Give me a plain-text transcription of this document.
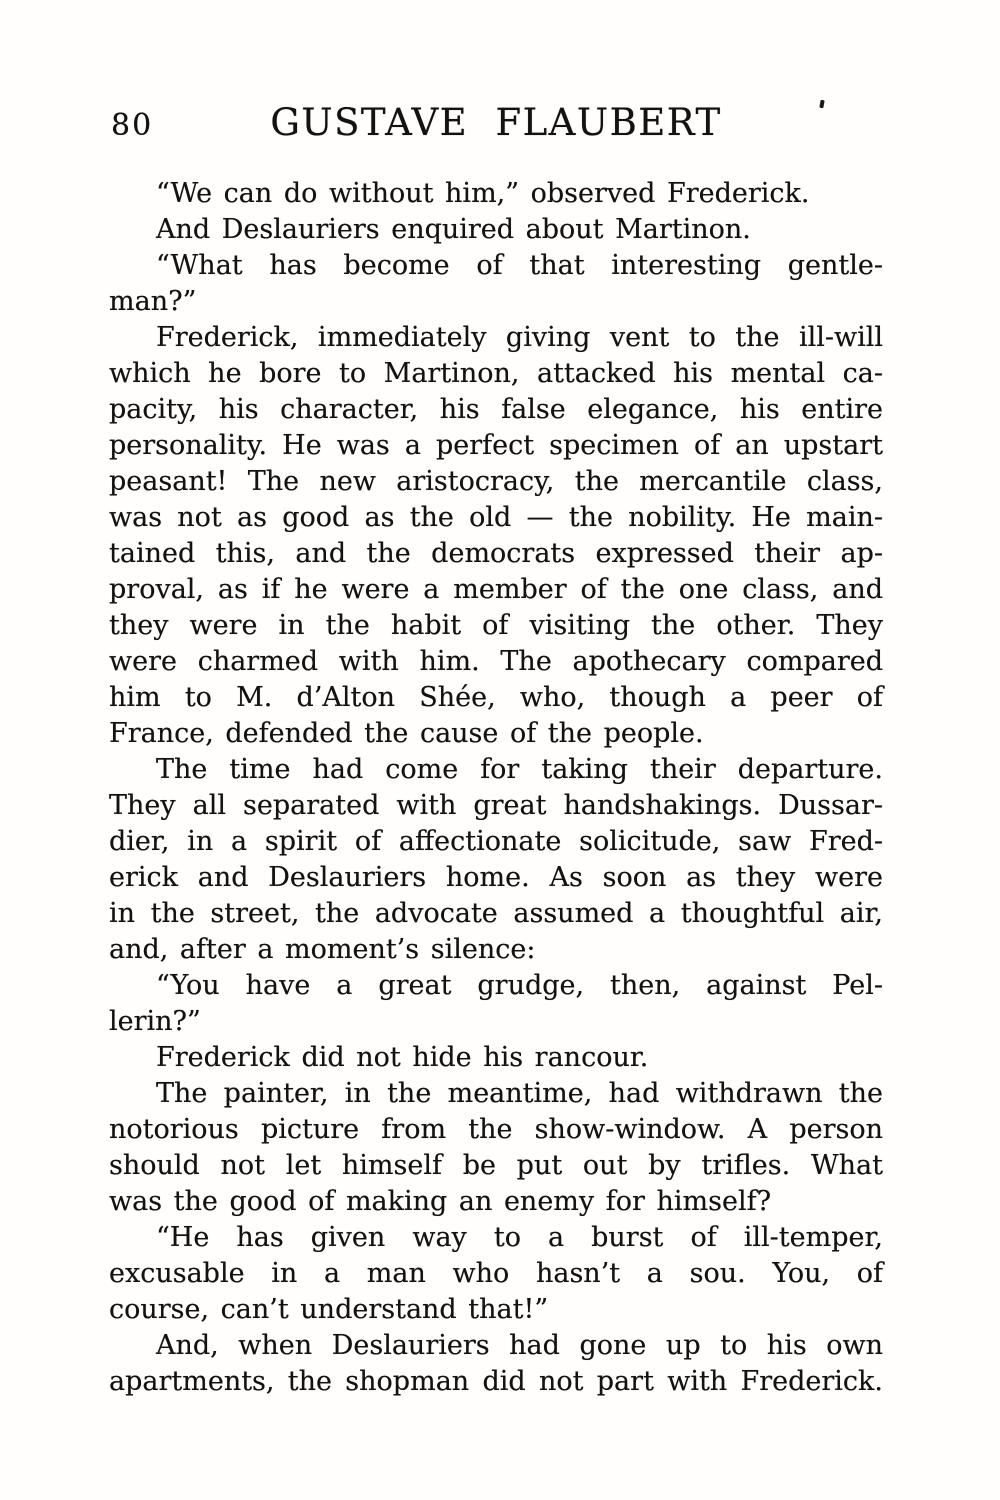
80	GUSTAVE FLAUBERT

“We can do without him,” observed Frederick.

And Deslauriers enquired about Martinon.

“What has become of that interesting gentle-
man?”

Frederick, immediately giving vent to the ill-will
which he bore to Martinon, attacked his mental ca-
pacity, his character, his false elegance, his entire
personality. He was a perfect specimen of an upstart
peasant! The new aristocracy, the mercantile class,
was not as good as the old — the nobility. He main-
tained this, and the democrats expressed their ap-
proval, as if he were a member of the one class, and
they were in the habit of visiting the other. They
were charmed with him. The apothecary compared
him to M. d’Alton Shée, who, though a peer of
France, defended the cause of the people.

The time had come for taking their departure.
They all separated with great handshakings. Dussar-
dier, in a spirit of affectionate solicitude, saw Fred-
erick and Deslauriers home. As soon as they were
in the street, the advocate assumed a thoughtful air,
and, after a moment’s silence:

“You have a great grudge, then, against Pel-
lerin?”

Frederick did not hide his rancour.

The painter, in the meantime, had withdrawn the
notorious picture from the show-window. A person
should not let himself be put out by trifles. What
was the good of making an enemy for himself?

“He has given way to a burst of ill-temper,
excusable in a man who hasn’t a sou. You, of
course, can’t understand that!”

And, when Deslauriers had gone up to his own
apartments, the shopman did not part with Frederick.
